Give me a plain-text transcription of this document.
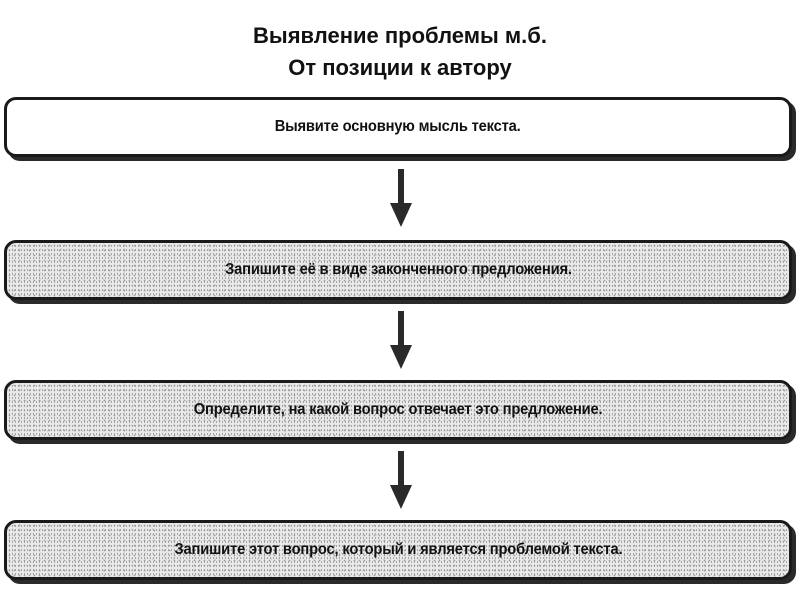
Выявление проблемы м.б.
От позиции к автору
Выявите основную мысль текста.
Запишите её в виде законченного предложения.
Определите, на какой вопрос отвечает это предложение.
Запишите этот вопрос, который и является проблемой текста.
